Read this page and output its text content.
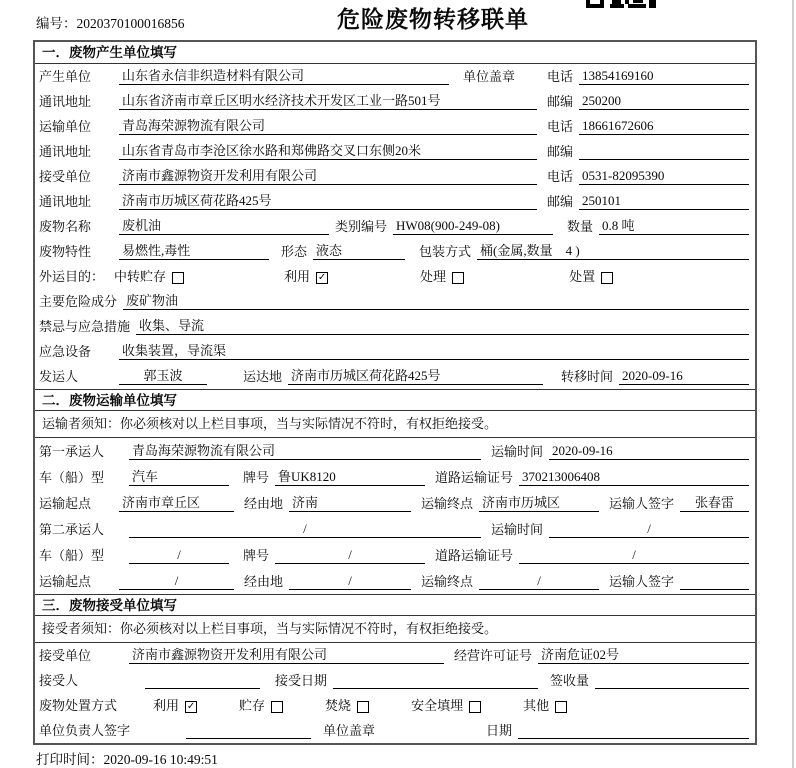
编号：2020370100016856	危险废物转移联单
一．废物产生单位填写
产生单位	山东省永信非织造材料有限公司	单位盖章 电话 13854169160
通讯地址	山东省济南市章丘区明水经济技术开发区工业一路501号	邮编 250200
运输单位	青岛海荣源物流有限公司	电话 18661672606
通讯地址	山东省青岛市李沧区徐水路和郑佛路交叉口东侧20米	邮编
接受单位	济南市鑫源物资开发利用有限公司	电话 0531-82095390
通讯地址	济南市历城区荷花路425号	邮编 250101
废物名称	废机油	类别编号 HW08(900-249-08)	数量 0.8 吨
废物特性	易燃性,毒性	形态 液态	包装方式 桶(金属,数量　4 )
外运目的： 中转贮存	利用 ✓	处理	处置
主要危险成分 废矿物油
禁忌与应急措施 收集、导流
应急设备	收集装置，导流渠
发运人	郭玉波	运达地 济南市历城区荷花路425号	转移时间 2020-09-16
二．废物运输单位填写
运输者须知：你必须核对以上栏目事项，当与实际情况不符时，有权拒绝接受。
第一承运人	青岛海荣源物流有限公司	运输时间 2020-09-16
车（船）型	汽车	牌号 鲁UK8120	道路运输证号 370213006408
运输起点	济南市章丘区	经由地 济南	运输终点 济南市历城区	运输人签字	张春雷
第二承运人	/	运输时间	/
车（船）型	/	牌号	/	道路运输证号	/
运输起点	/	经由地	/	运输终点	/	运输人签字
三．废物接受单位填写
接受者须知：你必须核对以上栏目事项，当与实际情况不符时，有权拒绝接受。
接受单位	济南市鑫源物资开发利用有限公司	经营许可证号 济南危证02号
接受人	接受日期	签收量
废物处置方式	利用 ✓	贮存	焚烧	安全填埋	其他
单位负责人签字	单位盖章	日期
打印时间：2020-09-16 10:49:51
